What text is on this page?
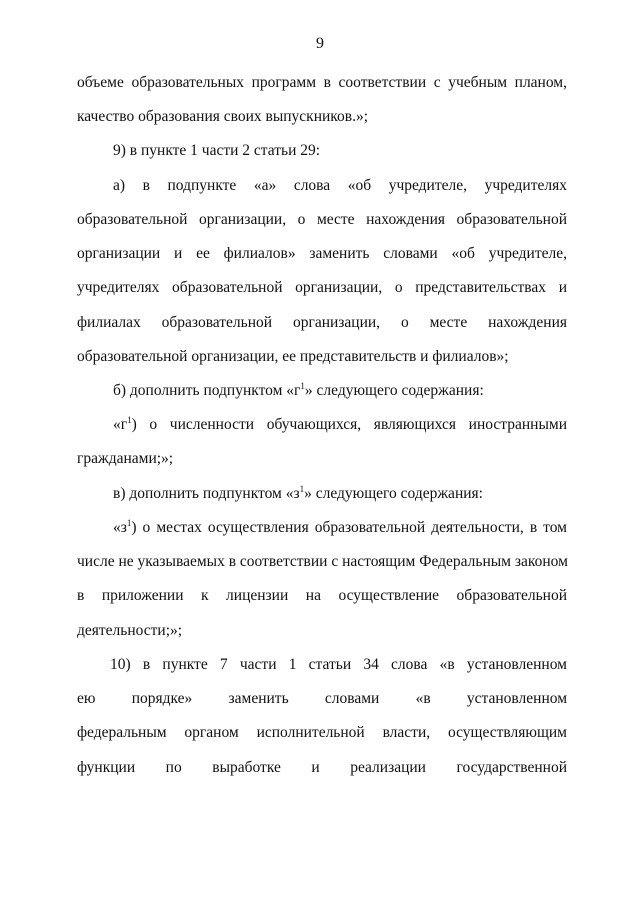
9
объеме образовательных программ в соответствии с учебным планом,
качество образования своих выпускников.»;
9) в пункте 1 части 2 статьи 29:
а) в подпункте «а» слова «об учредителе, учредителях
образовательной организации, о месте нахождения образовательной
организации и ее филиалов» заменить словами «об учредителе,
учредителях образовательной организации, о представительствах и
филиалах образовательной организации, о месте нахождения
образовательной организации, ее представительств и филиалов»;
б) дополнить подпунктом «$г^1$» следующего содержания:
«$г^1$) о численности обучающихся, являющихся иностранными
гражданами;»;
в) дополнить подпунктом «$з^1$» следующего содержания:
«$з^1$) о местах осуществления образовательной деятельности, в том
числе не указываемых в соответствии с настоящим Федеральным законом
в приложении к лицензии на осуществление образовательной
деятельности;»;
10) в пункте 7 части 1 статьи 34 слова «в установленном
ею порядке» заменить словами «в установленном
федеральным органом исполнительной власти, осуществляющим
функции по выработке и реализации государственной
